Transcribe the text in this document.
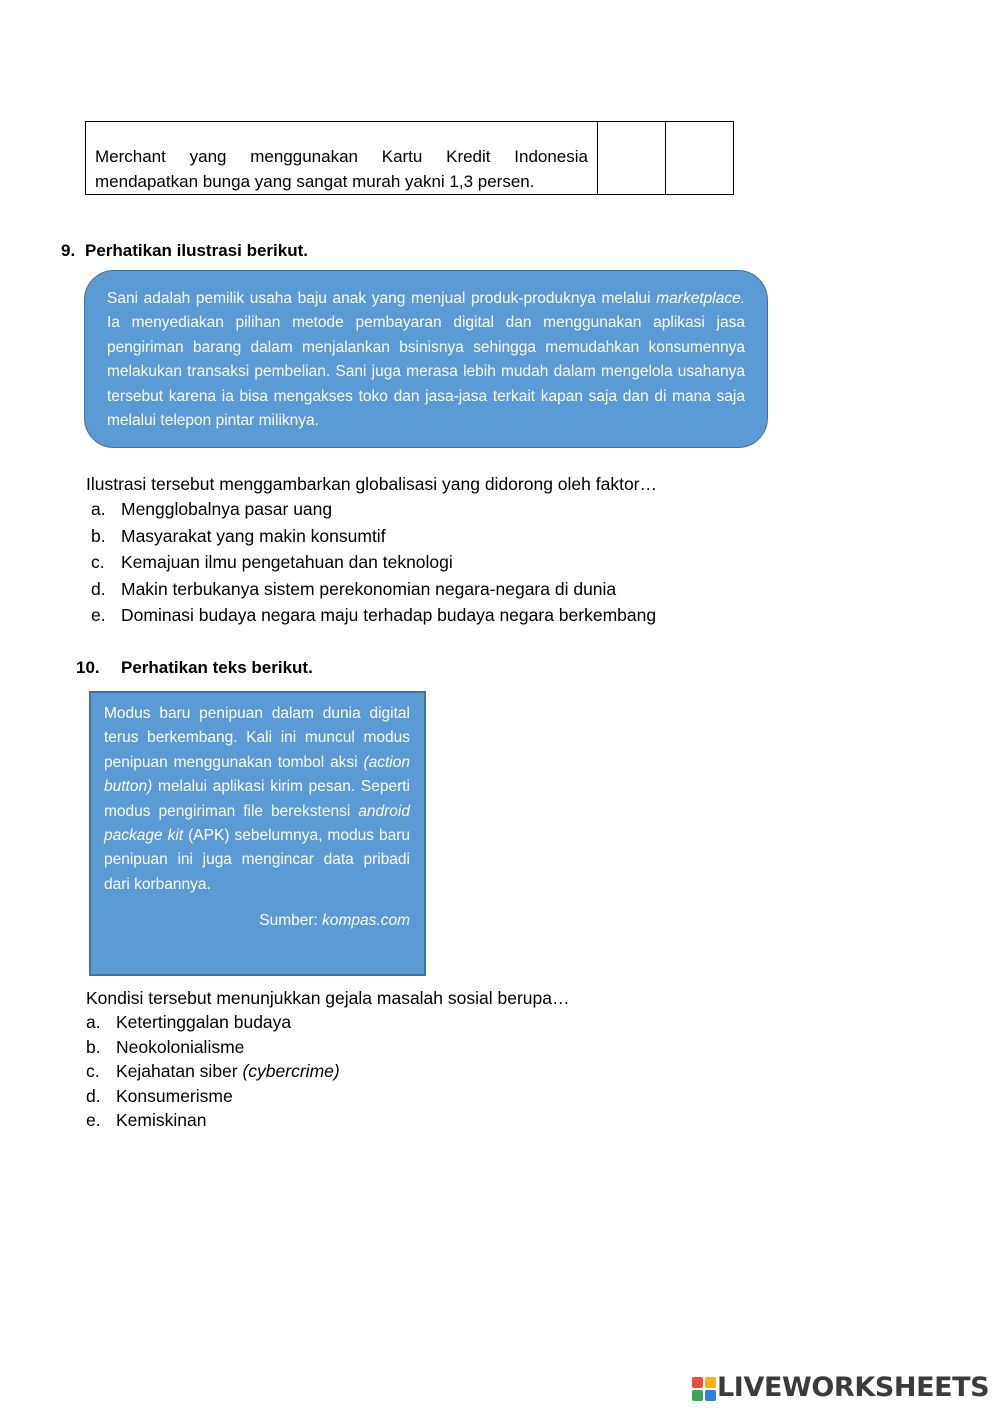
Merchant yang menggunakan Kartu Kredit Indonesia mendapatkan bunga yang sangat murah yakni 1,3 persen.		
9. Perhatikan ilustrasi berikut.
Sani adalah pemilik usaha baju anak yang menjual produk-produknya melalui marketplace. Ia menyediakan pilihan metode pembayaran digital dan menggunakan aplikasi jasa pengiriman barang dalam menjalankan bsinisnya sehingga memudahkan konsumennya melakukan transaksi pembelian. Sani juga merasa lebih mudah dalam mengelola usahanya tersebut karena ia bisa mengakses toko dan jasa-jasa terkait kapan saja dan di mana saja melalui telepon pintar miliknya.
Ilustrasi tersebut menggambarkan globalisasi yang didorong oleh faktor…
a. Mengglobalnya pasar uang
b. Masyarakat yang makin konsumtif
c. Kemajuan ilmu pengetahuan dan teknologi
d. Makin terbukanya sistem perekonomian negara-negara di dunia
e. Dominasi budaya negara maju terhadap budaya negara berkembang
10. Perhatikan teks berikut.
Modus baru penipuan dalam dunia digital terus berkembang. Kali ini muncul modus penipuan menggunakan tombol aksi (action button) melalui aplikasi kirim pesan. Seperti modus pengiriman file berekstensi android package kit (APK) sebelumnya, modus baru penipuan ini juga mengincar data pribadi dari korbannya.
Sumber: kompas.com
Kondisi tersebut menunjukkan gejala masalah sosial berupa…
a. Ketertinggalan budaya
b. Neokolonialisme
c. Kejahatan siber (cybercrime)
d. Konsumerisme
e. Kemiskinan
LIVEWORKSHEETS
